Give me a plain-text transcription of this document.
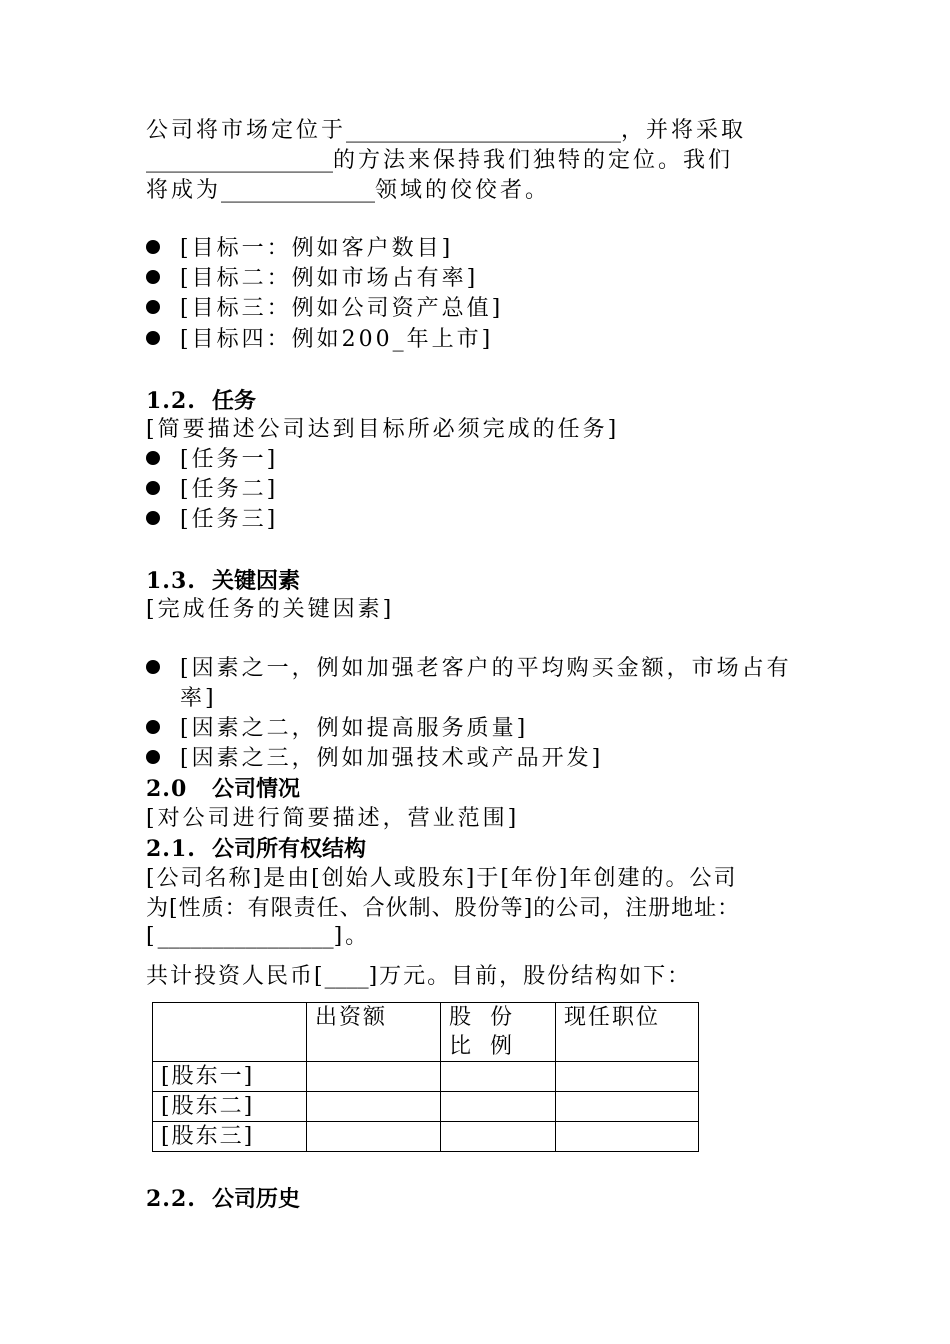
公司将市场定位于_________________________，并将采取
_________________的方法来保持我们独特的定位。我们
将成为______________领域的佼佼者。
[目标一：例如客户数目]
[目标二：例如市场占有率]
[目标三：例如公司资产总值]
[目标四：例如200_年上市]
1.2. 任务
[简要描述公司达到目标所必须完成的任务]
[任务一]
[任务二]
[任务三]
1.3. 关键因素
[完成任务的关键因素]
[因素之一，例如加强老客户的平均购买金额，市场占有
率]
[因素之二，例如提高服务质量]
[因素之三，例如加强技术或产品开发]
2.0 公司情况
[对公司进行简要描述，营业范围]
2.1. 公司所有权结构
[公司名称]是由[创始人或股东]于[年份]年创建的。公司
为[性质：有限责任、合伙制、股份等]的公司，注册地址：
[________________]。
共计投资人民币[____]万元。目前，股份结构如下：
	出资额	股 份 比 例	现任职位
[股东一]			
[股东二]			
[股东三]			
2.2. 公司历史
